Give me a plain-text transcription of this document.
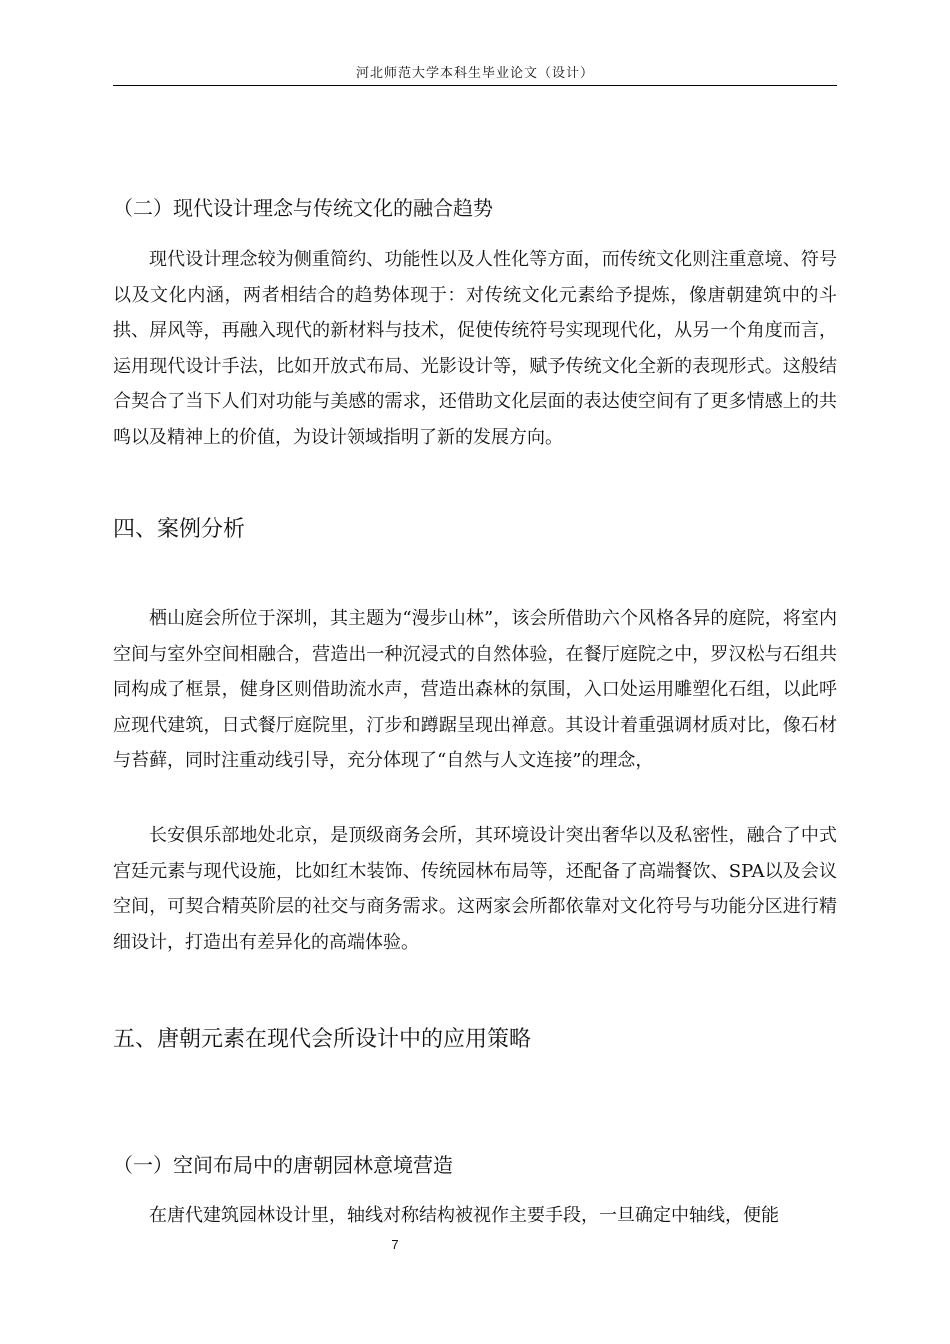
河北师范大学本科生毕业论文（设计）
（二）现代设计理念与传统文化的融合趋势

现代设计理念较为侧重简约、功能性以及人性化等方面，而传统文化则注重意境、符号以及文化内涵，两者相结合的趋势体现于：对传统文化元素给予提炼，像唐朝建筑中的斗拱、屏风等，再融入现代的新材料与技术，促使传统符号实现现代化，从另一个角度而言，运用现代设计手法，比如开放式布局、光影设计等，赋予传统文化全新的表现形式。这般结合契合了当下人们对功能与美感的需求，还借助文化层面的表达使空间有了更多情感上的共鸣以及精神上的价值，为设计领域指明了新的发展方向。

四、案例分析

栖山庭会所位于深圳，其主题为“漫步山林”，该会所借助六个风格各异的庭院，将室内空间与室外空间相融合，营造出一种沉浸式的自然体验，在餐厅庭院之中，罗汉松与石组共同构成了框景，健身区则借助流水声，营造出森林的氛围，入口处运用雕塑化石组，以此呼应现代建筑，日式餐厅庭院里，汀步和蹲踞呈现出禅意。其设计着重强调材质对比，像石材与苔藓，同时注重动线引导，充分体现了“自然与人文连接”的理念，

长安俱乐部地处北京，是顶级商务会所，其环境设计突出奢华以及私密性，融合了中式宫廷元素与现代设施，比如红木装饰、传统园林布局等，还配备了高端餐饮、SPA以及会议空间，可契合精英阶层的社交与商务需求。这两家会所都依靠对文化符号与功能分区进行精细设计，打造出有差异化的高端体验。

五、唐朝元素在现代会所设计中的应用策略
（一）空间布局中的唐朝园林意境营造

在唐代建筑园林设计里，轴线对称结构被视作主要手段，一旦确定中轴线，便能

7
